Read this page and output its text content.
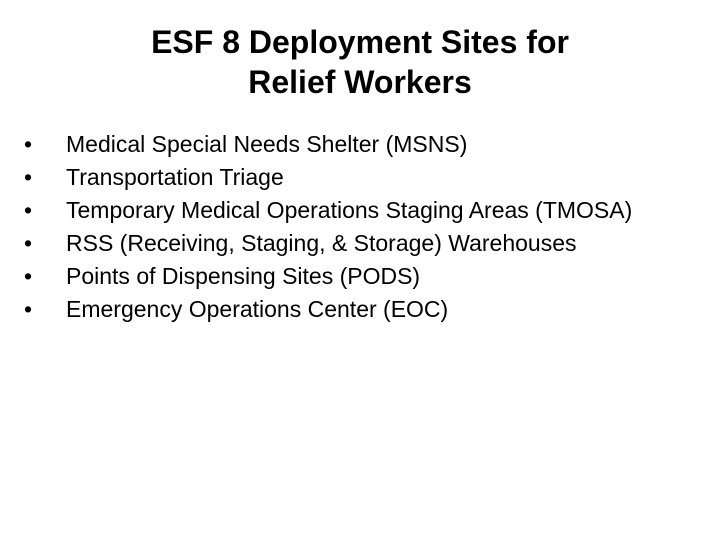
ESF 8 Deployment Sites for
Relief Workers
• Medical Special Needs Shelter (MSNS)
• Transportation Triage
• Temporary Medical Operations Staging Areas (TMOSA)
• RSS (Receiving, Staging, & Storage) Warehouses
• Points of Dispensing Sites (PODS)
• Emergency Operations Center (EOC)
